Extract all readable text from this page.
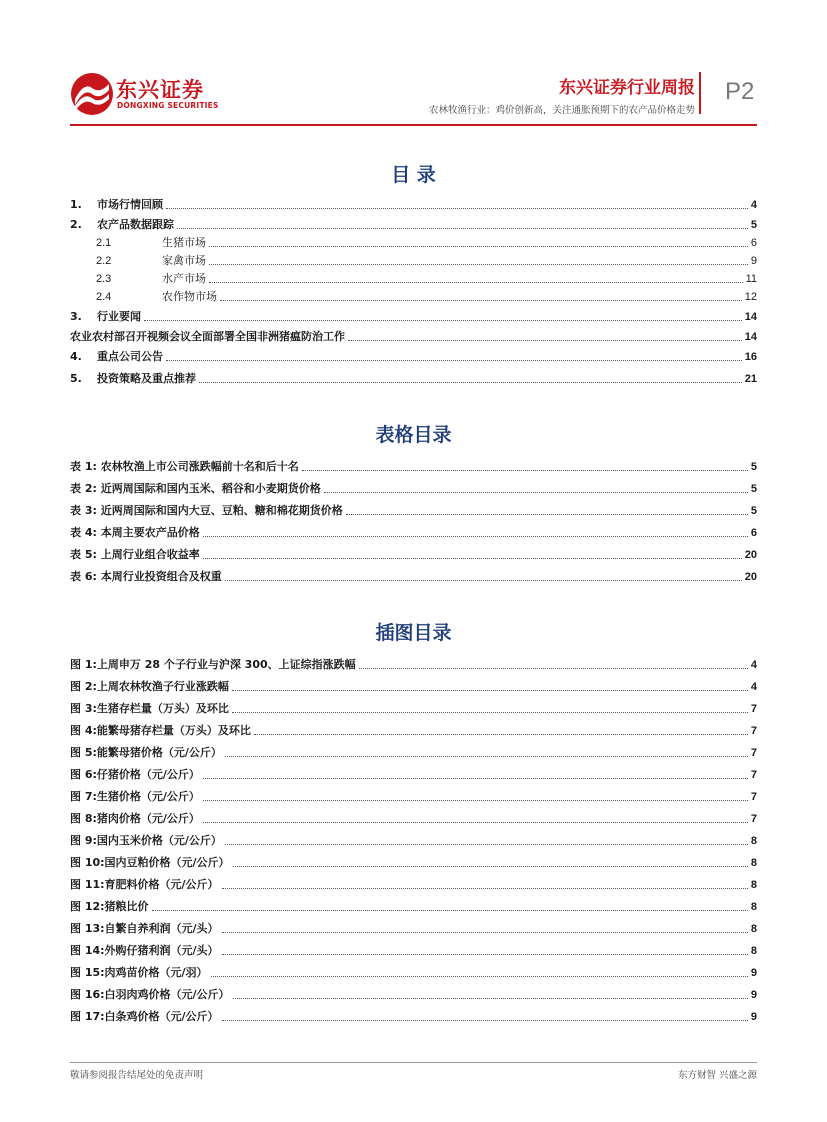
东兴证券
DONGXING SECURITIES
东兴证券行业周报
农林牧渔行业：鸡价创新高，关注通胀预期下的农产品价格走势
P2
目 录
1.	市场行情回顾	4
2.	农产品数据跟踪	5
2.1	生猪市场	6
2.2	家禽市场	9
2.3	水产市场	11
2.4	农作物市场	12
3.	行业要闻	14
农业农村部召开视频会议全面部署全国非洲猪瘟防治工作	14
4.	重点公司公告	16
5.	投资策略及重点推荐	21
表格目录
表 1: 农林牧渔上市公司涨跌幅前十名和后十名	5
表 2: 近两周国际和国内玉米、稻谷和小麦期货价格	5
表 3: 近两周国际和国内大豆、豆粕、糖和棉花期货价格	5
表 4: 本周主要农产品价格	6
表 5: 上周行业组合收益率	20
表 6: 本周行业投资组合及权重	20
插图目录
图 1:上周申万 28 个子行业与沪深 300、上证综指涨跌幅	4
图 2:上周农林牧渔子行业涨跌幅	4
图 3:生猪存栏量（万头）及环比	7
图 4:能繁母猪存栏量（万头）及环比	7
图 5:能繁母猪价格（元/公斤）	7
图 6:仔猪价格（元/公斤）	7
图 7:生猪价格（元/公斤）	7
图 8:猪肉价格（元/公斤）	7
图 9:国内玉米价格（元/公斤）	8
图 10:国内豆粕价格（元/公斤）	8
图 11:育肥料价格（元/公斤）	8
图 12:猪粮比价	8
图 13:自繁自养利润（元/头）	8
图 14:外购仔猪利润（元/头）	8
图 15:肉鸡苗价格（元/羽）	9
图 16:白羽肉鸡价格（元/公斤）	9
图 17:白条鸡价格（元/公斤）	9
敬请参阅报告结尾处的免责声明	东方财智 兴盛之源
